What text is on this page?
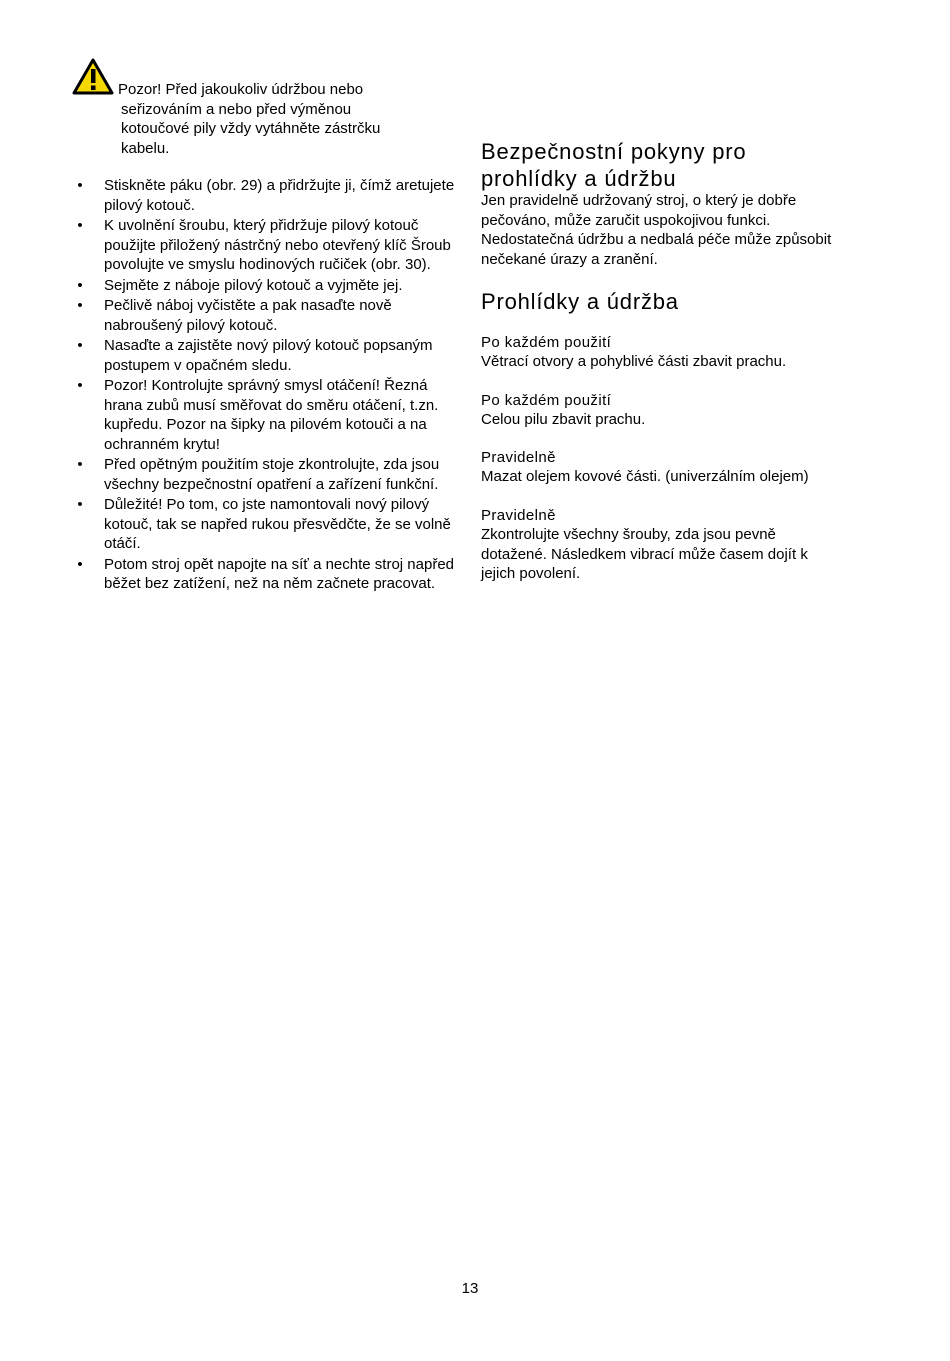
Pozor! Před jakoukoliv údržbou nebo
seřizováním a nebo před výměnou
kotoučové pily vždy vytáhněte zástrčku
kabelu.
• Stiskněte páku (obr. 29) a přidržujte ji, čímž aretujete pilový kotouč.
• K uvolnění šroubu, který přidržuje pilový kotouč použijte přiložený nástrčný nebo otevřený klíč Šroub povolujte ve smyslu hodinových ručiček (obr. 30).
• Sejměte z náboje pilový kotouč a vyjměte jej.
• Pečlivě náboj vyčistěte a pak nasaďte nově nabroušený pilový kotouč.
• Nasaďte a zajistěte nový pilový kotouč popsaným postupem v opačném sledu.
• Pozor! Kontrolujte správný smysl otáčení! Řezná hrana zubů musí směřovat do směru otáčení, t.zn. kupředu. Pozor na šipky na pilovém kotouči a na ochranném krytu!
• Před opětným použitím stoje zkontrolujte, zda jsou všechny bezpečnostní opatření a zařízení funkční.
• Důležité! Po tom, co jste namontovali nový pilový kotouč, tak se napřed rukou přesvědčte, že se volně otáčí.
• Potom stroj opět napojte na síť a nechte stroj napřed běžet bez zatížení, než na něm začnete pracovat.
Bezpečnostní pokyny pro
prohlídky a údržbu

Jen pravidelně udržovaný stroj, o který je dobře pečováno, může zaručit uspokojivou funkci. Nedostatečná údržbu a nedbalá péče může způsobit nečekané úrazy a zranění.

Prohlídky a údržba

Po každém použití

Větrací otvory a pohyblivé části zbavit prachu.

Po každém použití

Celou pilu zbavit prachu.

Pravidelně

Mazat olejem kovové části. (univerzálním olejem)

Pravidelně

Zkontrolujte všechny šrouby, zda jsou pevně dotažené. Následkem vibrací může časem dojít k jejich povolení.

13
